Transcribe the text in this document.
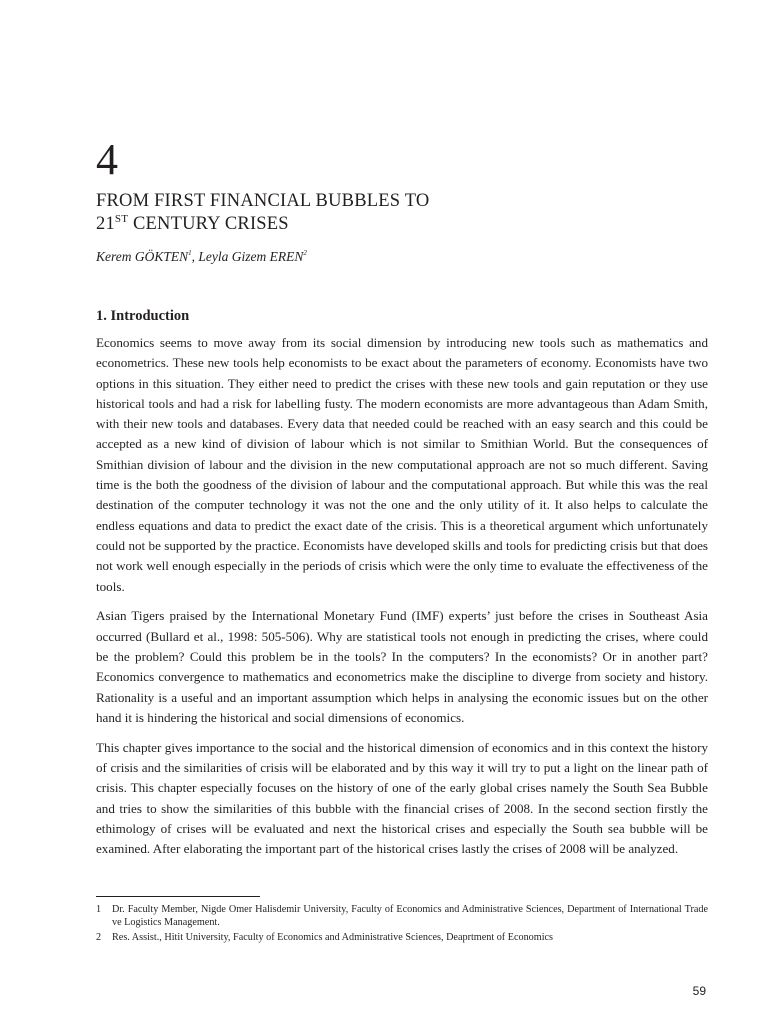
4
FROM FIRST FINANCIAL BUBBLES TO
21ST CENTURY CRISES
Kerem GÖKTEN$^1$, Leyla Gizem EREN$^2$
1. Introduction

Economics seems to move away from its social dimension by introducing new tools such as mathematics and econometrics. These new tools help economists to be exact about the parameters of economy. Economists have two options in this situation. They either need to predict the crises with these new tools and gain reputation or they use historical tools and had a risk for labelling fusty. The modern economists are more advantageous than Adam Smith, with their new tools and databases. Every data that needed could be reached with an easy search and this could be accepted as a new kind of division of labour which is not similar to Smithian World. But the consequences of Smithian division of labour and the division in the new computational approach are not so much different. Saving time is the both the goodness of the division of labour and the computational approach. But while this was the real destination of the computer technology it was not the one and the only utility of it. It also helps to calculate the endless equations and data to predict the exact date of the crisis. This is a theoretical argument which unfortunately could not be supported by the practice. Economists have developed skills and tools for predicting crisis but that does not work well enough especially in the periods of crisis which were the only time to evaluate the effectiveness of the tools.

Asian Tigers praised by the International Monetary Fund (IMF) experts’ just before the crises in Southeast Asia occurred (Bullard et al., 1998: 505-506). Why are statistical tools not enough in predicting the crises, where could be the problem? Could this problem be in the tools? In the computers? In the economists? Or in another part? Economics convergence to mathematics and econometrics make the discipline to diverge from society and history. Rationality is a useful and an important assumption which helps in analysing the economic issues but on the other hand it is hindering the historical and social dimensions of economics.

This chapter gives importance to the social and the historical dimension of economics and in this context the history of crisis and the similarities of crisis will be elaborated and by this way it will try to put a light on the linear path of crisis. This chapter especially focuses on the history of one of the early global crises namely the South Sea Bubble and tries to show the similarities of this bubble with the financial crises of 2008. In the second section firstly the ethimology of crises will be evaluated and next the historical crises and especially the South sea bubble will be examined. After elaborating the important part of the historical crises lastly the crises of 2008 will be analyzed.

1	Dr. Faculty Member, Nigde Omer Halisdemir University, Faculty of Economics and Administrative Sciences, Department of International Trade ve Logistics Management.
2	Res. Assist., Hitit University, Faculty of Economics and Administrative Sciences, Deaprtment of Economics
59
